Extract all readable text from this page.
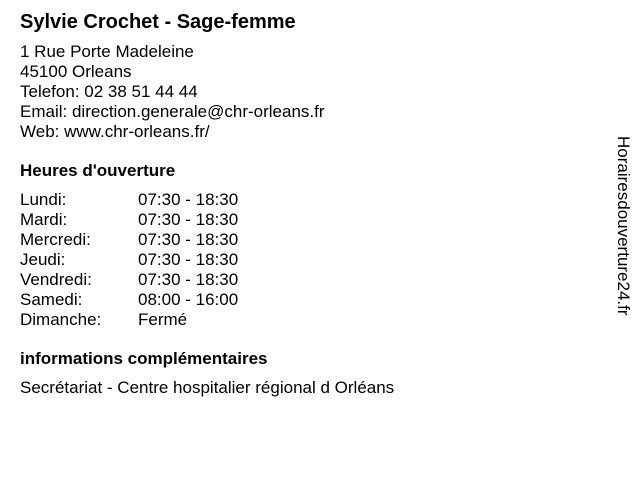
Sylvie Crochet - Sage-femme
1 Rue Porte Madeleine
45100 Orleans
Telefon: 02 38 51 44 44
Email: direction.generale@chr-orleans.fr
Web: www.chr-orleans.fr/
Heures d'ouverture
Lundi:	07:30 - 18:30
Mardi:	07:30 - 18:30
Mercredi:	07:30 - 18:30
Jeudi:	07:30 - 18:30
Vendredi:	07:30 - 18:30
Samedi:	08:00 - 16:00
Dimanche:	Fermé
informations complémentaires
Secrétariat - Centre hospitalier régional d Orléans
Horairesdouverture24.fr
